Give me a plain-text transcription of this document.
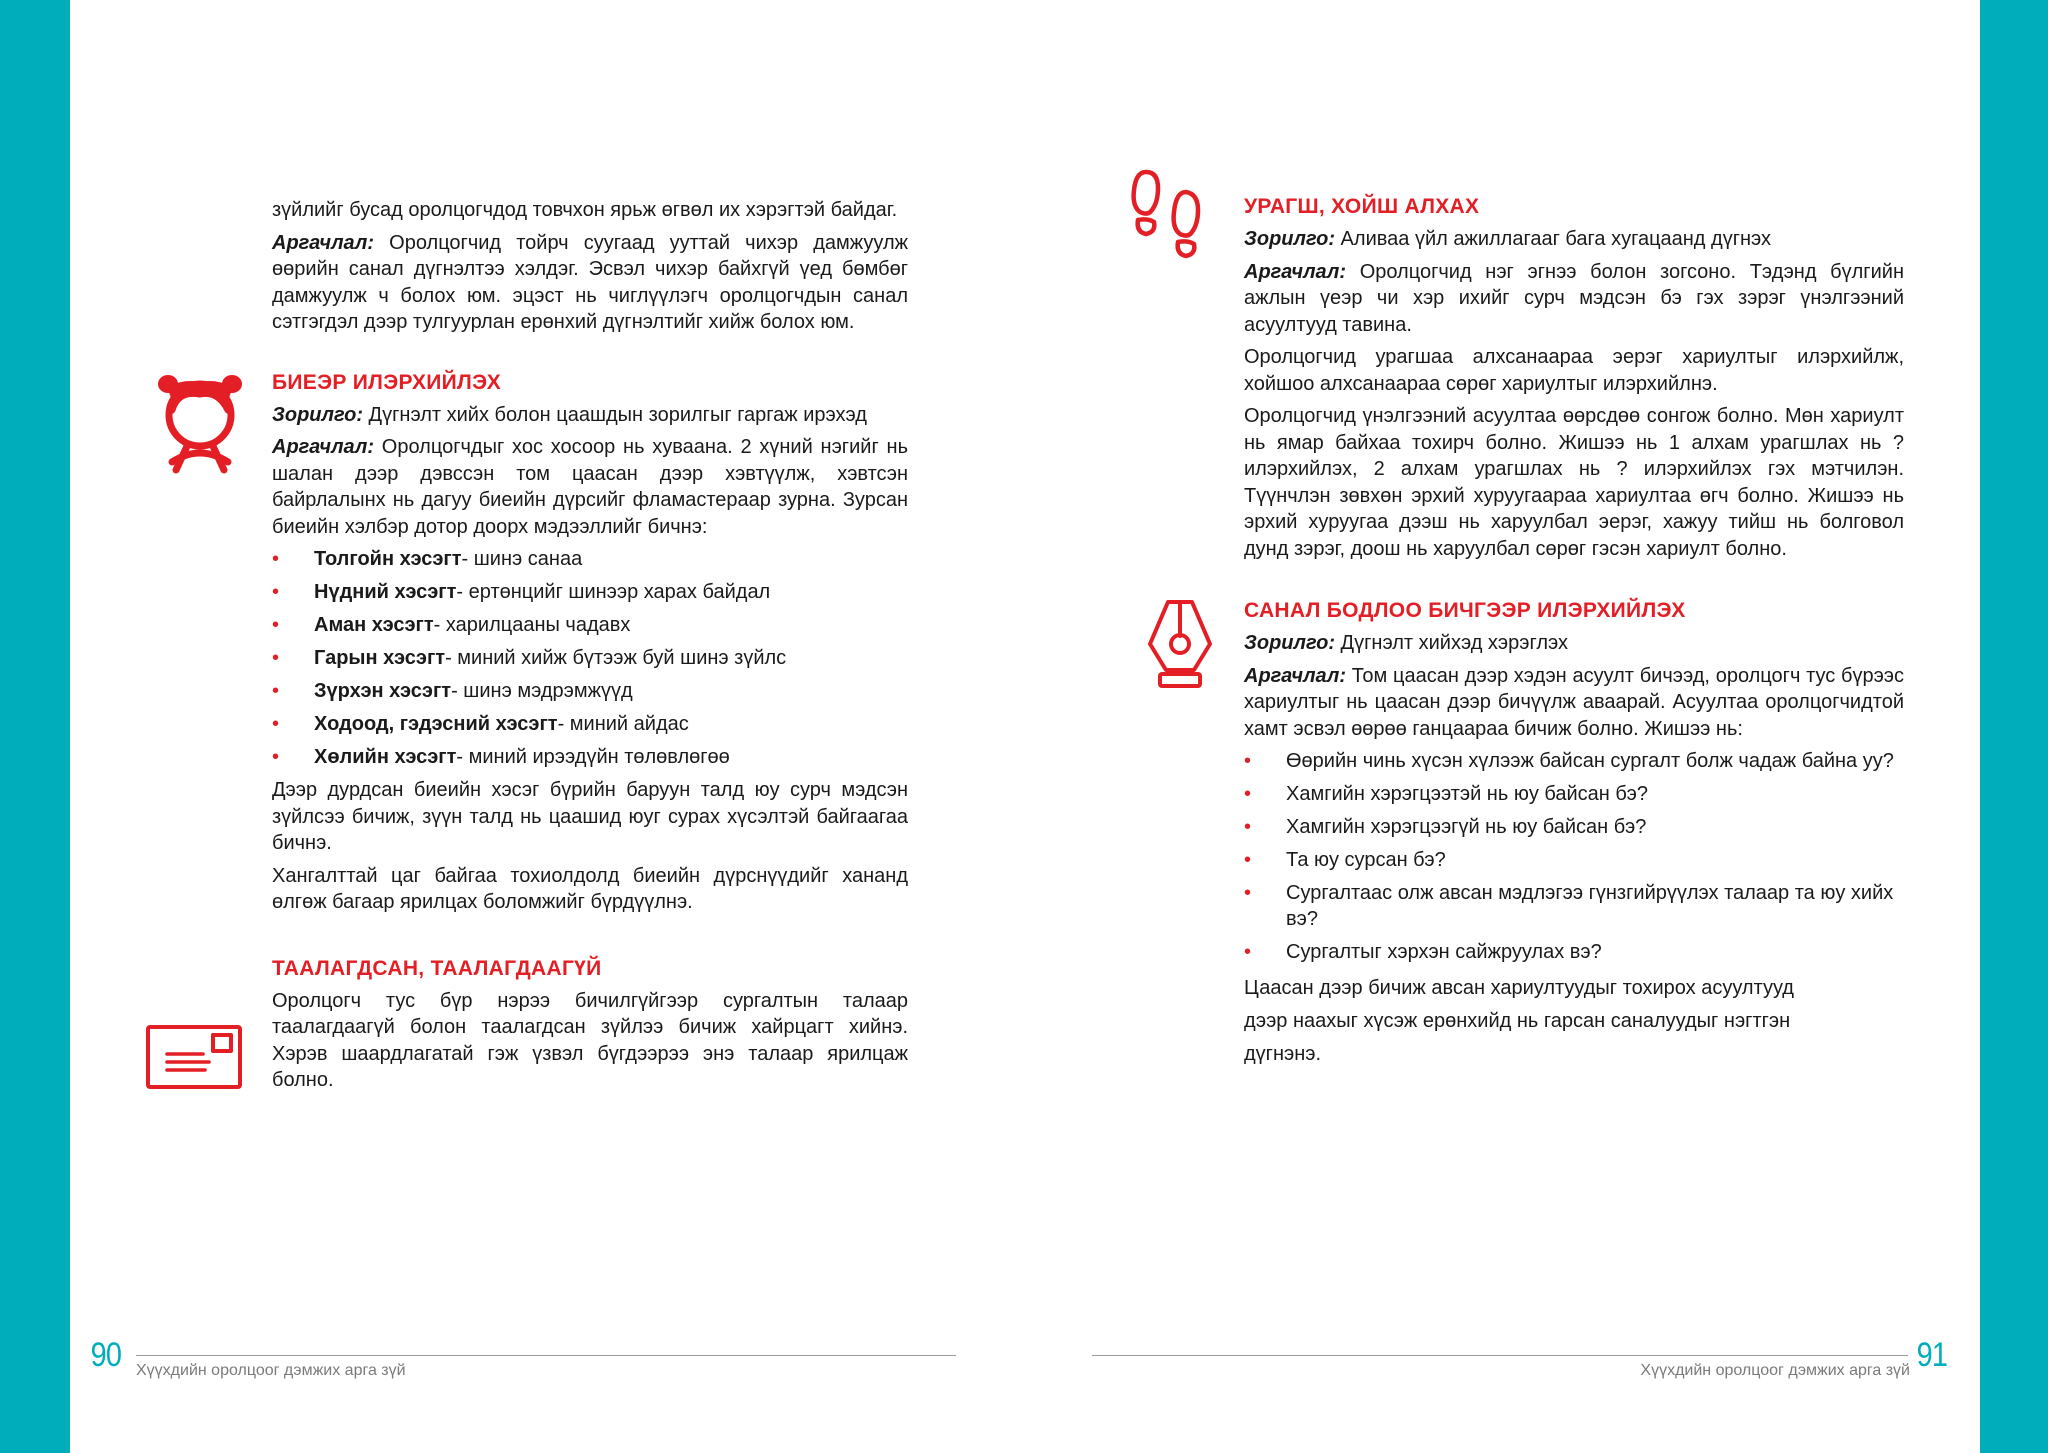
зүйлийг бусад оролцогчдод товчхон ярьж өгвөл их хэрэгтэй байдаг.

Аргачлал: Оролцогчид тойрч суугаад ууттай чихэр дамжуулж өөрийн санал дүгнэлтээ хэлдэг. Эсвэл чихэр байхгүй үед бөмбөг дамжуулж ч болох юм. эцэст нь чиглүүлэгч оролцогчдын санал сэтгэгдэл дээр тулгуурлан ерөнхий дүгнэлтийг хийж болох юм.

БИЕЭР ИЛЭРХИЙЛЭХ

Зорилго: Дүгнэлт хийх болон цаашдын зорилгыг гаргаж ирэхэд

Аргачлал: Оролцогчдыг хос хосоор нь хуваана. 2 хүний нэгийг нь шалан дээр дэвссэн том цаасан дээр хэвтүүлж, хэвтсэн байрлалынх нь дагуу биеийн дүрсийг фламастераар зурна. Зурсан биеийн хэлбэр дотор доорх мэдээллийг бичнэ:

• Толгойн хэсэгт- шинэ санаа
• Нүдний хэсэгт- ертөнцийг шинээр харах байдал
• Аман хэсэгт- харилцааны чадавх
• Гарын хэсэгт- миний хийж бүтээж буй шинэ зүйлс
• Зүрхэн хэсэгт- шинэ мэдрэмжүүд
• Ходоод, гэдэсний хэсэгт- миний айдас
• Хөлийн хэсэгт- миний ирээдүйн төлөвлөгөө

Дээр дурдсан биеийн хэсэг бүрийн баруун талд юу сурч мэдсэн зүйлсээ бичиж, зүүн талд нь цаашид юуг сурах хүсэлтэй байгаагаа бичнэ.

Хангалттай цаг байгаа тохиолдолд биеийн дүрснүүдийг хананд өлгөж багаар ярилцах боломжийг бүрдүүлнэ.

ТААЛАГДСАН, ТААЛАГДААГҮЙ

Оролцогч тус бүр нэрээ бичилгүйгээр сургалтын талаар таалагдаагүй болон таалагдсан зүйлээ бичиж хайрцагт хийнэ. Хэрэв шаардлагатай гэж үзвэл бүгдээрээ энэ талаар ярилцаж болно.

90 Хүүхдийн оролцоог дэмжих арга зүй
УРАГШ, ХОЙШ АЛХАХ

Зорилго: Аливаа үйл ажиллагааг бага хугацаанд дүгнэх

Аргачлал: Оролцогчид нэг эгнээ болон зогсоно. Тэдэнд бүлгийн ажлын үеэр чи хэр ихийг сурч мэдсэн бэ гэх зэрэг үнэлгээний асуултууд тавина.

Оролцогчид урагшаа алхсанаараа эерэг хариултыг илэрхийлж, хойшоо алхсанаараа сөрөг хариултыг илэрхийлнэ.

Оролцогчид үнэлгээний асуултаа өөрсдөө сонгож болно. Мөн хариулт нь ямар байхаа тохирч болно. Жишээ нь 1 алхам урагшлах нь ? илэрхийлэх, 2 алхам урагшлах нь ? илэрхийлэх гэх мэтчилэн. Түүнчлэн зөвхөн эрхий хуруугаараа хариултаа өгч болно. Жишээ нь эрхий хуруугаа дээш нь харуулбал эерэг, хажуу тийш нь болговол дунд зэрэг, доош нь харуулбал сөрөг гэсэн хариулт болно.

САНАЛ БОДЛОО БИЧГЭЭР ИЛЭРХИЙЛЭХ

Зорилго: Дүгнэлт хийхэд хэрэглэх

Аргачлал: Том цаасан дээр хэдэн асуулт бичээд, оролцогч тус бүрээс хариултыг нь цаасан дээр бичүүлж аваарай. Асуултаа оролцогчидтой хамт эсвэл өөрөө ганцаараа бичиж болно. Жишээ нь:

• Өөрийн чинь хүсэн хүлээж байсан сургалт болж чадаж байна уу?
• Хамгийн хэрэгцээтэй нь юу байсан бэ?
• Хамгийн хэрэгцээгүй нь юу байсан бэ?
• Та юу сурсан бэ?
• Сургалтаас олж авсан мэдлэгээ гүнзгийрүүлэх талаар та юу хийх вэ?
• Сургалтыг хэрхэн сайжруулах вэ?
Цаасан дээр бичиж авсан хариултуудыг тохирох асуултууд
дээр наахыг хүсэж ерөнхийд нь гарсан саналуудыг нэгтгэн
дүгнэнэ.
Хүүхдийн оролцоог дэмжих арга зүй 91
